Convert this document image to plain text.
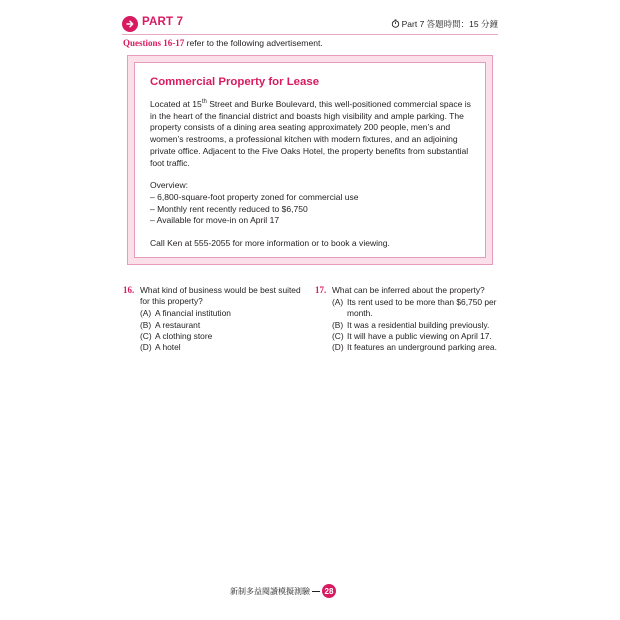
PART 7	Part 7 答題時間：15 分鐘
Questions 16-17 refer to the following advertisement.
Commercial Property for Lease

Located at 15th Street and Burke Boulevard, this well-positioned commercial space is in the heart of the financial district and boasts high visibility and ample parking. The property consists of a dining area seating approximately 200 people, men’s and women’s restrooms, a professional kitchen with modern fixtures, and an adjoining private office. Adjacent to the Five Oaks Hotel, the property benefits from substantial foot traffic.

Overview:

– 6,800-square-foot property zoned for commercial use
– Monthly rent recently reduced to $6,750
– Available for move-in on April 17

Call Ken at 555-2055 for more information or to book a viewing.

16. What kind of business would be best suited for this property?
(A) A financial institution
(B) A restaurant
(C) A clothing store
(D) A hotel
17. What can be inferred about the property?
(A) Its rent used to be more than $6,750 per month.
(B) It was a residential building previously.
(C) It will have a public viewing on April 17.
(D) It features an underground parking area.
新制多益閱讀模擬測驗	28
